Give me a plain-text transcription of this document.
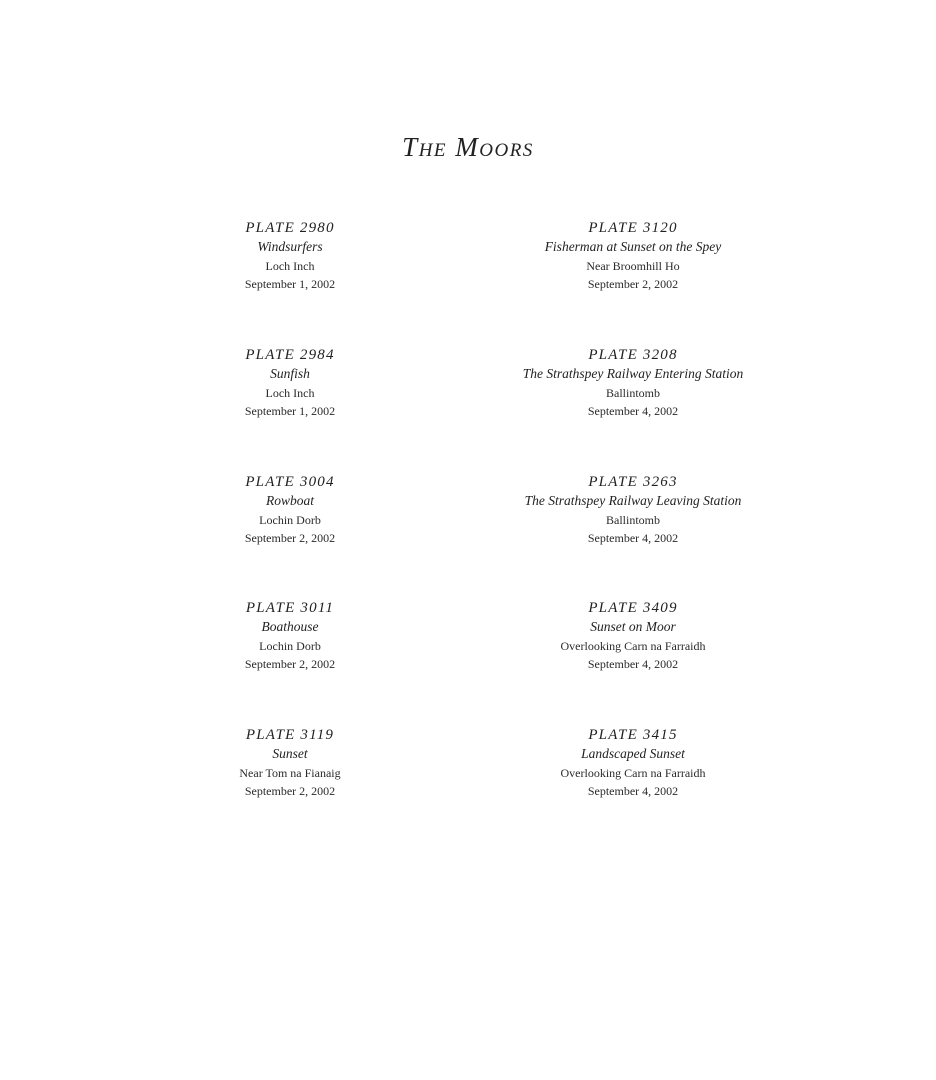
The Moors
PLATE 2980
Windsurfers
Loch Inch
September 1, 2002
PLATE 3120
Fisherman at Sunset on the Spey
Near Broomhill Ho
September 2, 2002
PLATE 2984
Sunfish
Loch Inch
September 1, 2002
PLATE 3208
The Strathspey Railway Entering Station
Ballintomb
September 4, 2002
PLATE 3004
Rowboat
Lochin Dorb
September 2, 2002
PLATE 3263
The Strathspey Railway Leaving Station
Ballintomb
September 4, 2002
PLATE 3011
Boathouse
Lochin Dorb
September 2, 2002
PLATE 3409
Sunset on Moor
Overlooking Carn na Farraidh
September 4, 2002
PLATE 3119
Sunset
Near Tom na Fianaig
September 2, 2002
PLATE 3415
Landscaped Sunset
Overlooking Carn na Farraidh
September 4, 2002
